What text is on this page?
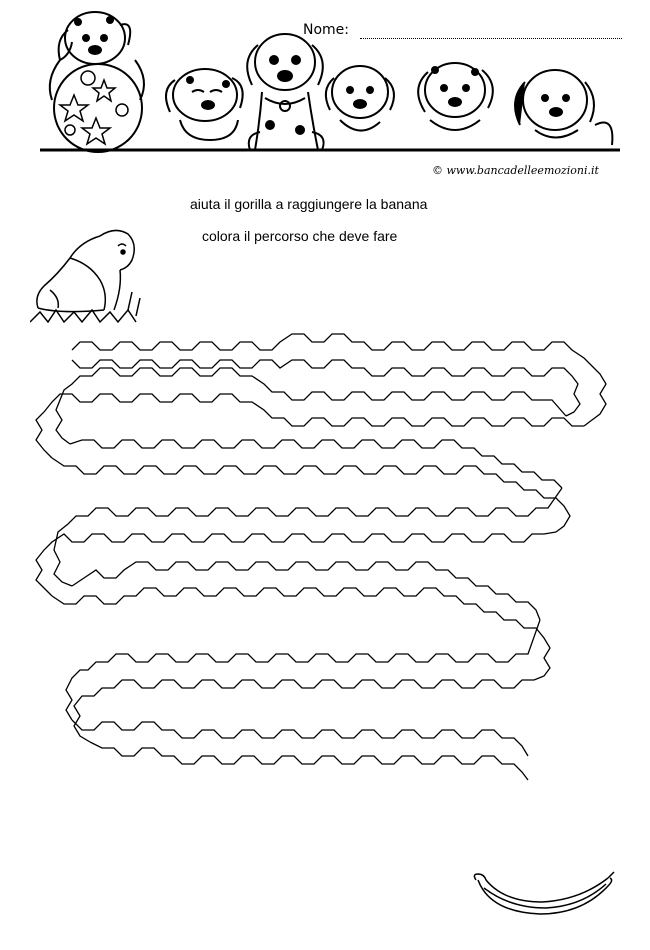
Nome:
© www.bancadelleemozioni.it
aiuta il gorilla a raggiungere la banana
colora il percorso che deve fare
